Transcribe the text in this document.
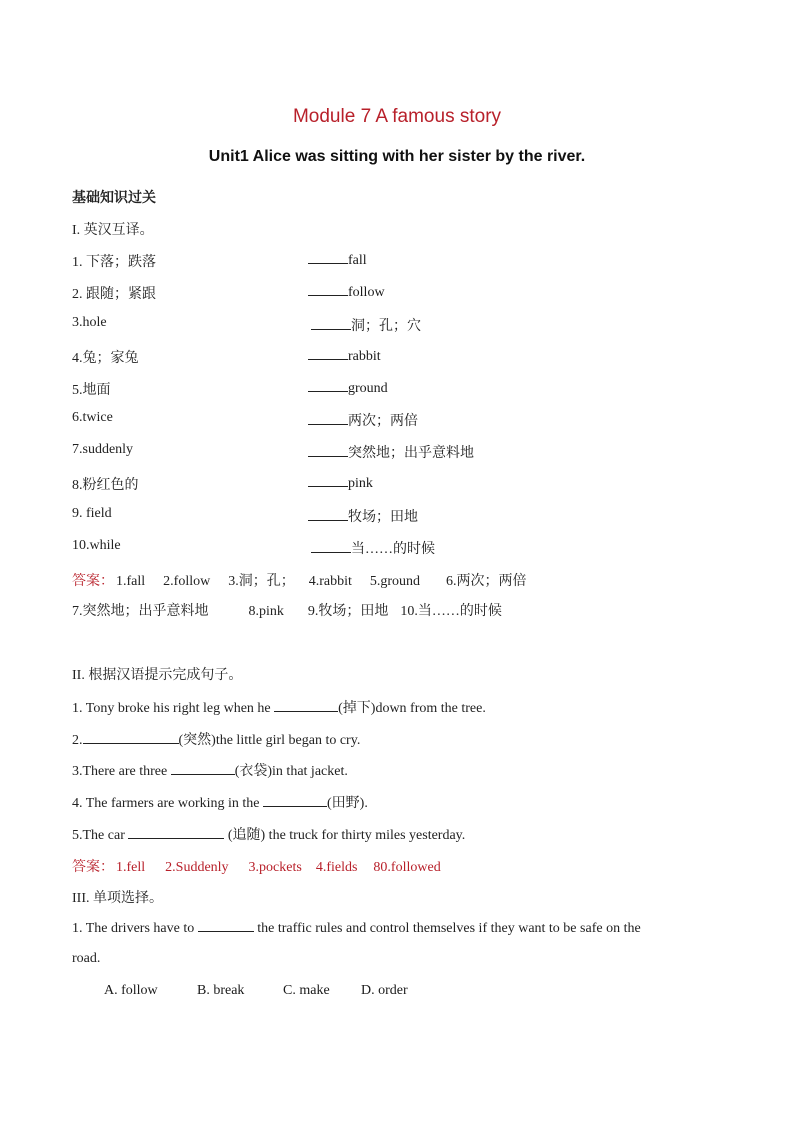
Module 7 A famous story
Unit1 Alice was sitting with her sister by the river.
基础知识过关
I. 英汉互译。
1. 下落；跌落	fall
2. 跟随；紧跟	follow
3.hole	洞；孔；穴
4.兔；家兔	rabbit
5.地面	ground
6.twice	两次；两倍
7.suddenly	突然地；出乎意料地
8.粉红色的	pink
9. field	牧场；田地
10.while	当……的时候
答案： 1.fall 2.follow 3.洞；孔； 4.rabbit 5.ground 6.两次；两倍
7.突然地；出乎意料地	8.pink 9.牧场；田地 10.当……的时候
II. 根据汉语提示完成句子。
1. Tony broke his right leg when he	(掉下)down from the tree.
2.	(突然)the little girl began to cry.
3.There are three	(衣袋)in that jacket.
4. The farmers are working in the	(田野).
5.The car	(追随) the truck for thirty miles yesterday.
答案： 1.fell 2.Suddenly 3.pockets 4.fields 80.followed
III. 单项选择。
1. The drivers have to	the traffic rules and control themselves if they want to be safe on the
road.
A. follow	B. break	C. make D. order
